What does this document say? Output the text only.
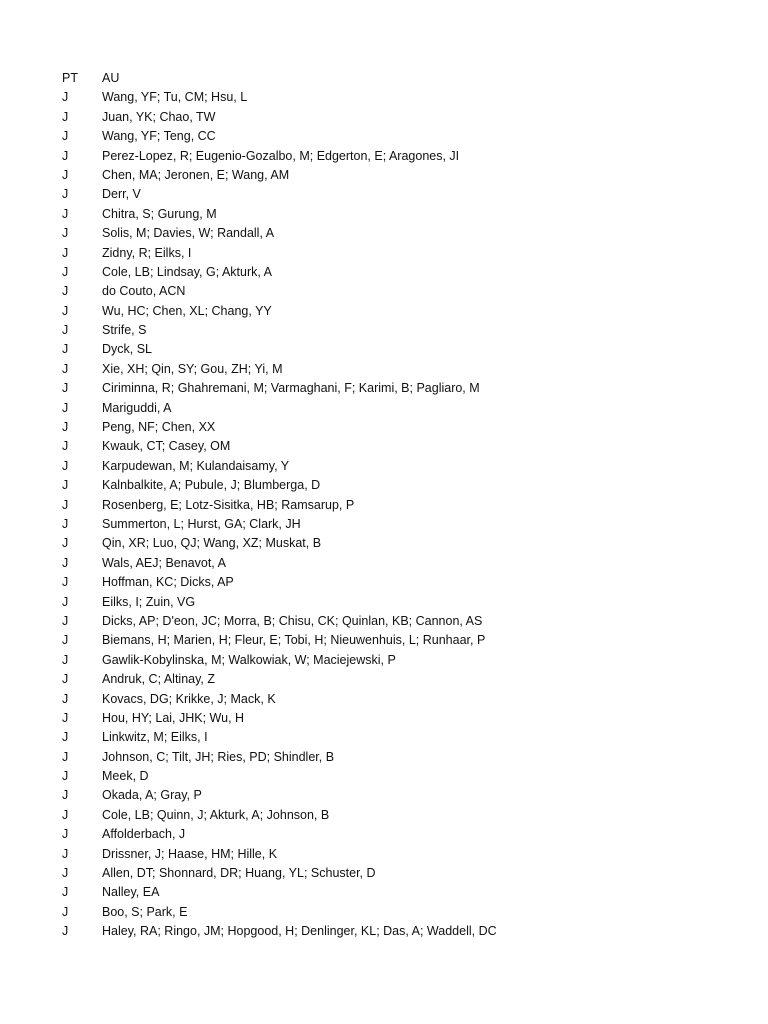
PT	AU
J	Wang, YF; Tu, CM; Hsu, L
J	Juan, YK; Chao, TW
J	Wang, YF; Teng, CC
J	Perez-Lopez, R; Eugenio-Gozalbo, M; Edgerton, E; Aragones, JI
J	Chen, MA; Jeronen, E; Wang, AM
J	Derr, V
J	Chitra, S; Gurung, M
J	Solis, M; Davies, W; Randall, A
J	Zidny, R; Eilks, I
J	Cole, LB; Lindsay, G; Akturk, A
J	do Couto, ACN
J	Wu, HC; Chen, XL; Chang, YY
J	Strife, S
J	Dyck, SL
J	Xie, XH; Qin, SY; Gou, ZH; Yi, M
J	Ciriminna, R; Ghahremani, M; Varmaghani, F; Karimi, B; Pagliaro, M
J	Mariguddi, A
J	Peng, NF; Chen, XX
J	Kwauk, CT; Casey, OM
J	Karpudewan, M; Kulandaisamy, Y
J	Kalnbalkite, A; Pubule, J; Blumberga, D
J	Rosenberg, E; Lotz-Sisitka, HB; Ramsarup, P
J	Summerton, L; Hurst, GA; Clark, JH
J	Qin, XR; Luo, QJ; Wang, XZ; Muskat, B
J	Wals, AEJ; Benavot, A
J	Hoffman, KC; Dicks, AP
J	Eilks, I; Zuin, VG
J	Dicks, AP; D'eon, JC; Morra, B; Chisu, CK; Quinlan, KB; Cannon, AS
J	Biemans, H; Marien, H; Fleur, E; Tobi, H; Nieuwenhuis, L; Runhaar, P
J	Gawlik-Kobylinska, M; Walkowiak, W; Maciejewski, P
J	Andruk, C; Altinay, Z
J	Kovacs, DG; Krikke, J; Mack, K
J	Hou, HY; Lai, JHK; Wu, H
J	Linkwitz, M; Eilks, I
J	Johnson, C; Tilt, JH; Ries, PD; Shindler, B
J	Meek, D
J	Okada, A; Gray, P
J	Cole, LB; Quinn, J; Akturk, A; Johnson, B
J	Affolderbach, J
J	Drissner, J; Haase, HM; Hille, K
J	Allen, DT; Shonnard, DR; Huang, YL; Schuster, D
J	Nalley, EA
J	Boo, S; Park, E
J	Haley, RA; Ringo, JM; Hopgood, H; Denlinger, KL; Das, A; Waddell, DC
